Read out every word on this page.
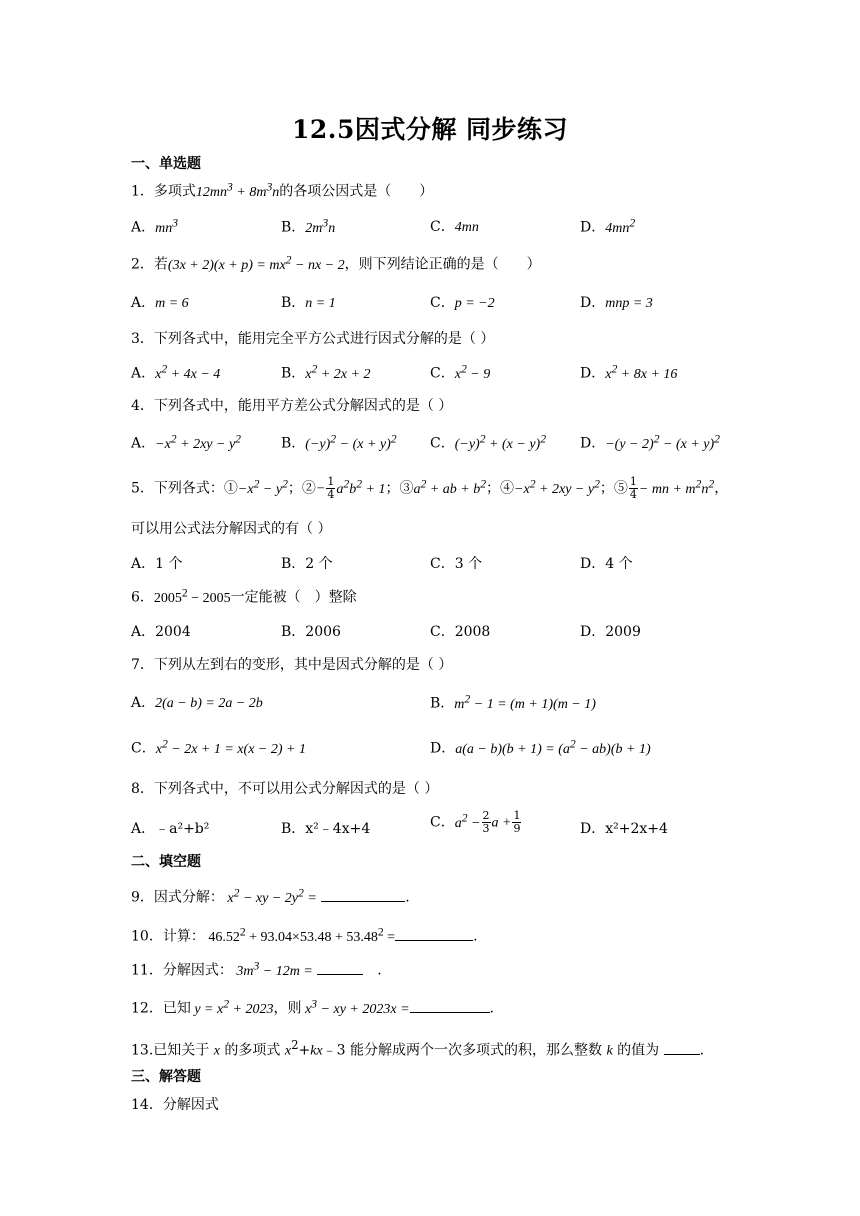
12.5因式分解 同步练习
一、单选题
1．多项式$12mn^3 + 8m^3n$的各项公因式是（　　）
A．$mn^3$	B．$2m^3n$	C．4mn	D．$4mn^2$
2．若$(3x + 2)(x + p) = mx^2$ − nx − 2，则下列结论正确的是（　　）
A．m = 6	B．n = 1	C．p = −2	D．mnp = 3
3．下列各式中，能用完全平方公式进行因式分解的是（ ）
A．$x^2 + 4x - 4$	B．$x^2 + 2x + 2$	C．$x^2 - 9$	D．$x^2 + 8x + 16$
4．下列各式中，能用平方差公式分解因式的是（ ）
A．$-x^2 + 2xy - y^2$	B．$(-y)^2 - (x + y)^2$ C．$(-y)^2 + (x - y)^2$ D．$-(y - 2)^2 - (x + y)^2$
5．下列各式：$①-x^2 - y^2$；②− $\frac{1}{4} a^2b^2 + 1$；$③a^2$ + ab + $b^2$；$④-x^2 + 2xy - y^2$；⑤ $\frac{1}{4}$ − mn + $m^2n^2$，
可以用公式法分解因式的有（ ）
A．1 个	B．2 个	C．3 个	D．4 个
6．$2005^2 - 2005$一定能被（　）整除
A．2004	B．2006	C．2008	D．2009
7．下列从左到右的变形，其中是因式分解的是（ ）
A．2(a − b) = 2a − 2b	B．$m^2 - 1 = (m + 1)(m - 1)$
C．$x^2 - 2x + 1 = x(x - 2) + 1$	D．$a(a - b)(b + 1) = (a^2 - ab)(b + 1)$
8．下列各式中，不可以用公式分解因式的是（ ）
A．﹣a²+b²	B．x²﹣4x+4	C．$a^2 - \frac{2}{3}$ $a + \frac{1}{9}$	D．x²+2x+4
二、填空题
9．因式分解： $x^2$ − xy − $2y^2$ =	.
10．计算： $46.52^2 + 93.04\times 53.48 + 53.48^2$ =	.
11．分解因式： $3m^3 - 12m$ =	　.
12．已知 $y = x^2 + 2023$，则 $x^3$ − xy + 2023x =	.
13.已知关于 x 的多项式 $x^2+kx﹣3$ 能分解成两个一次多项式的积，那么整数 k 的值为	.
三、解答题
14．分解因式
